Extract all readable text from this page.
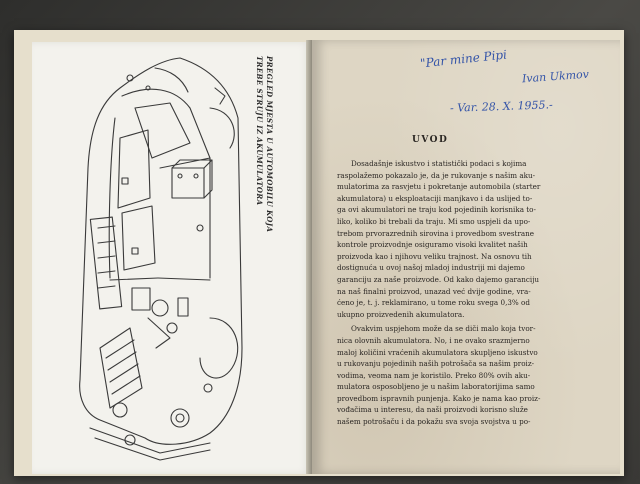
PREGLED MJESTA U AUTOMOBILU KOJA
TREBE STRUJU IZ AKUMULATORA	"Par mine Pipi
Ivan Ukmov
- Var. 28. X. 1955.-
UVOD
Dosadašnje iskustvo i statistički podaci s kojima
raspolažemo pokazalo je, da je rukovanje s našim aku-
mulatorima za rasvjetu i pokretanje automobila (starter
akumulatora) u eksploataciji manjkavo i da uslijed to-
ga ovi akumulatori ne traju kod pojedinih korisnika to-
liko, koliko bi trebali da traju. Mi smo uspjeli da upo-
trebom prvorazrednih sirovina i provedbom svestrane
kontrole proizvodnje osiguramo visoki kvalitet naših
proizvoda kao i njihovu veliku trajnost. Na osnovu tih
dostignuća u ovoj našoj mladoj industriji mi dajemo
garanciju za naše proizvode. Od kako dajemo garanciju
na naš finalni proizvod, unazad već dvije godine, vra-
ćeno je, t. j. reklamirano, u tome roku svega 0,3% od
ukupno proizvedenih akumulatora.
Ovakvim uspjehom može da se diči malo koja tvor-
nica olovnih akumulatora. No, i ne ovako srazmjerno
maloj količini vraćenih akumulatora skupljeno iskustvo
u rukovanju pojedinih naših potrošača sa našim proiz-
vodima, veoma nam je koristilo. Preko 80% ovih aku-
mulatora osposobljeno je u našim laboratorijima samo
provedbom ispravnih punjenja. Kako je nama kao proiz-
vođačima u interesu, da naši proizvodi korisno služe
našem potrošaču i da pokažu sva svoja svojstva u po-
